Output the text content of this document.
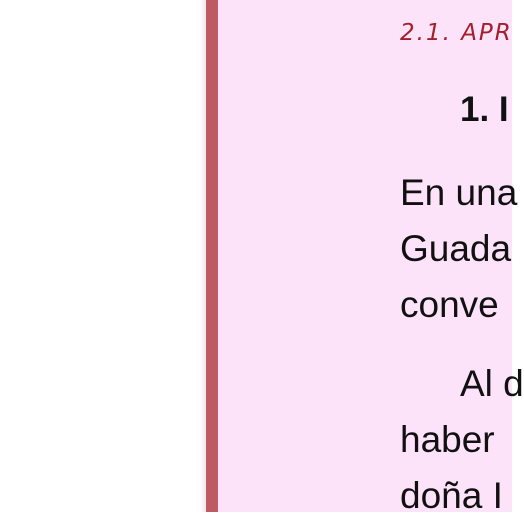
2.1. APR
1. I
En una
Guada
conve
Al d
haber
doña I
